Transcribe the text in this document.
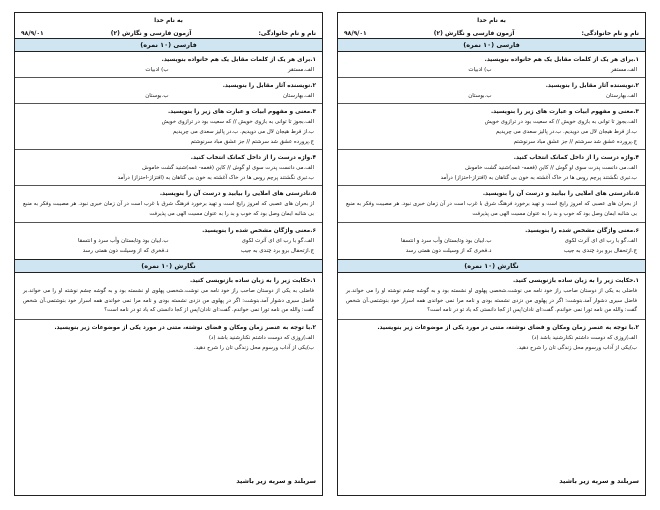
به نام خدا
نام و نام خانوادگی:
آزمون فارسی و نگارش (۲)
۹۸/۹/۰۱
فارسی (۱۰ نمره)
۱.برای هر یک از کلمات مقابل یک هم خانواده بنویسید.
الف.مستقر
ب) ادبیات
۲.نویسنده آثار مقابل را بنویسید.
الف.بهارستان
ب.بوستان
۳.معنی و مفهوم ابیات و عبارت های زیر را بنویسید.
الف.بجوز تا توانی به بازوی خویش // که سعیت بود در ترازوی خویش
ب.از فرط هیجان لال می دویدیم. ب.در پالیز سعدی می چریدیم
ج.پرورده عشق شد سرشتم // جز عشق مباد سرنوشتم
۴.واژه درست را از داخل کمانک انتخاب کنید.
الف.می دانست پدرت سوی او گوش // کاین (فغمه- غمه)شنید گشت خاموش
ب.تبری نگشتند پرچم روس ها در خاک آغشته به خون بی گناهان به (افتزاز-احتزاز) درآمد
۵.نادرستی های املایی را بیابید و درست آن را بنویسید.
از بحران های عصبی که امروز رایج است و تهید برخورد فرهنگ شرق با غرب است در آن زمان خبری نبود. هر مصیبت وفکر به منبع بی شائبه ایمان وصل بود که خوب و بد را به عنوان مسیت الهی می پذیرفت
۶.معنی واژگان مشخص شده را بنویسید.
الف.گو با رب ای ای آثرت لکوی
ب.ابیان بود وتابستان وآب سرد و انتسقا
ج.ازتحفال برو برد چندی به جیب
د.فخری که از وسیلت دون همتی رسد
نگارش (۱۰ نمره)
۱.حکایت زیر را به زبان ساده بازنویسی کنید.
فاضلی به یکی از دوستان صاحب راز خود نامه می نوشت.شخصی پهلوی او نشسته بود و به گوشه چشم نوشته او را می خواند.بر فاضل سیری دشوار آمد.بنوشت: اگر در پهلوی من دزدی نشسته بودی و نامه مرا نمی خواندی همه اسرار خود بنوشتمی.آن شخص گفت: والله من نامه تورا نمی خواندم. گفت:ای نادان!پس از کجا دانستی که یاد تو در نامه است؟
۲.با توجه به عنصر زمان ومکان و فضای نوشته، متنی در مورد یکی از موضوعات زیر بنویسید.
الف)روزی که دوست داشتم نکنارشنید باشد (د)
ب)یکی از آداب ورسوم محل زندگی تان را شرح دهید.
سربلند و سربه زیر باشید
به نام خدا
نام و نام خانوادگی:
آزمون فارسی و نگارش (۲)
۹۸/۹/۰۱
فارسی (۱۰ نمره)
۱.برای هر یک از کلمات مقابل یک هم خانواده بنویسید.
الف.مستقر
ب) ادبیات
۲.نویسنده آثار مقابل را بنویسید.
الف.بهارستان
ب.بوستان
۳.معنی و مفهوم ابیات و عبارت های زیر را بنویسید.
الف.بجوز تا توانی به بازوی خویش // که سعیت بود در ترازوی خویش
ب.از فرط هیجان لال می دویدیم. ب.در پالیز سعدی می چریدیم
ج.پرورده عشق شد سرشتم // جز عشق مباد سرنوشتم
۴.واژه درست را از داخل کمانک انتخاب کنید.
الف.می دانست پدرت سوی او گوش // کاین (فغمه- غمه)شنید گشت خاموش
ب.تبری نگشتند پرچم روس ها در خاک آغشته به خون بی گناهان به (افتزاز-احتزاز) درآمد
۵.نادرستی های املایی را بیابید و درست آن را بنویسید.
از بحران های عصبی که امروز رایج است و تهید برخورد فرهنگ شرق با غرب است در آن زمان خبری نبود. هر مصیبت وفکر به منبع بی شائبه ایمان وصل بود که خوب و بد را به عنوان مسیت الهی می پذیرفت
۶.معنی واژگان مشخص شده را بنویسید.
الف.گو با رب ای ای آثرت لکوی
ب.ابیان بود وتابستان وآب سرد و انتسقا
ج.ازتحفال برو برد چندی به جیب
د.فخری که از وسیلت دون همتی رسد
نگارش (۱۰ نمره)
۱.حکایت زیر را به زبان ساده بازنویسی کنید.
فاضلی به یکی از دوستان صاحب راز خود نامه می نوشت.شخصی پهلوی او نشسته بود و به گوشه چشم نوشته او را می خواند.بر فاضل سیری دشوار آمد.بنوشت: اگر در پهلوی من دزدی نشسته بودی و نامه مرا نمی خواندی همه اسرار خود بنوشتمی.آن شخص گفت: والله من نامه تورا نمی خواندم. گفت:ای نادان!پس از کجا دانستی که یاد تو در نامه است؟
۲.با توجه به عنصر زمان ومکان و فضای نوشته، متنی در مورد یکی از موضوعات زیر بنویسید.
الف)روزی که دوست داشتم نکنارشنید باشد (د)
ب)یکی از آداب ورسوم محل زندگی تان را شرح دهید.
سربلند و سربه زیر باشید
